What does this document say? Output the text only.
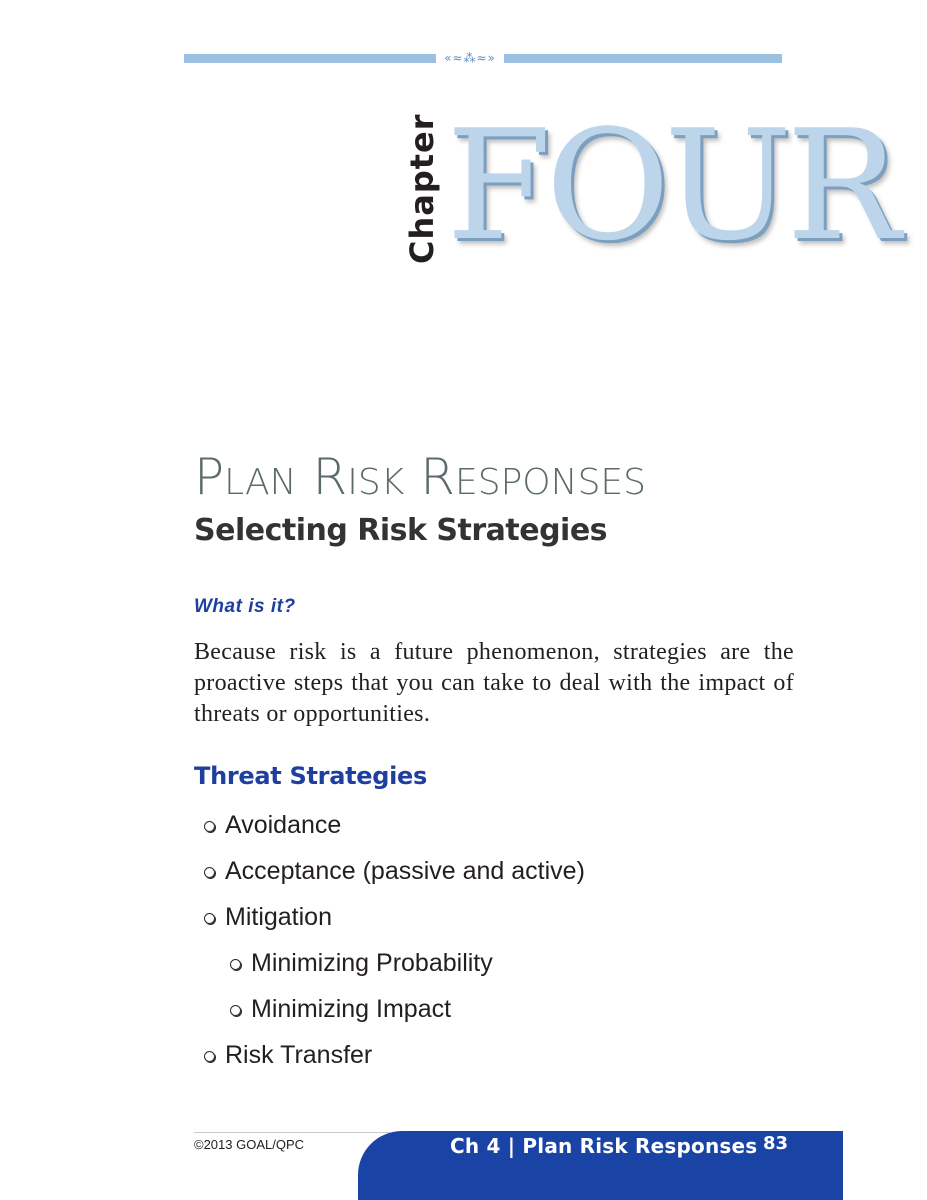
«≈⁂≈»
Chapter FOUR
PLAN RISK RESPONSES
Selecting Risk Strategies
What is it?

Because risk is a future phenomenon, strategies are the proactive steps that you can take to deal with the impact of threats or opportunities.

Threat Strategies
Avoidance
Acceptance (passive and active)
Mitigation
Minimizing Probability
Minimizing Impact
Risk Transfer
©2013 GOAL/QPC	Ch 4 | Plan Risk Responses 83
